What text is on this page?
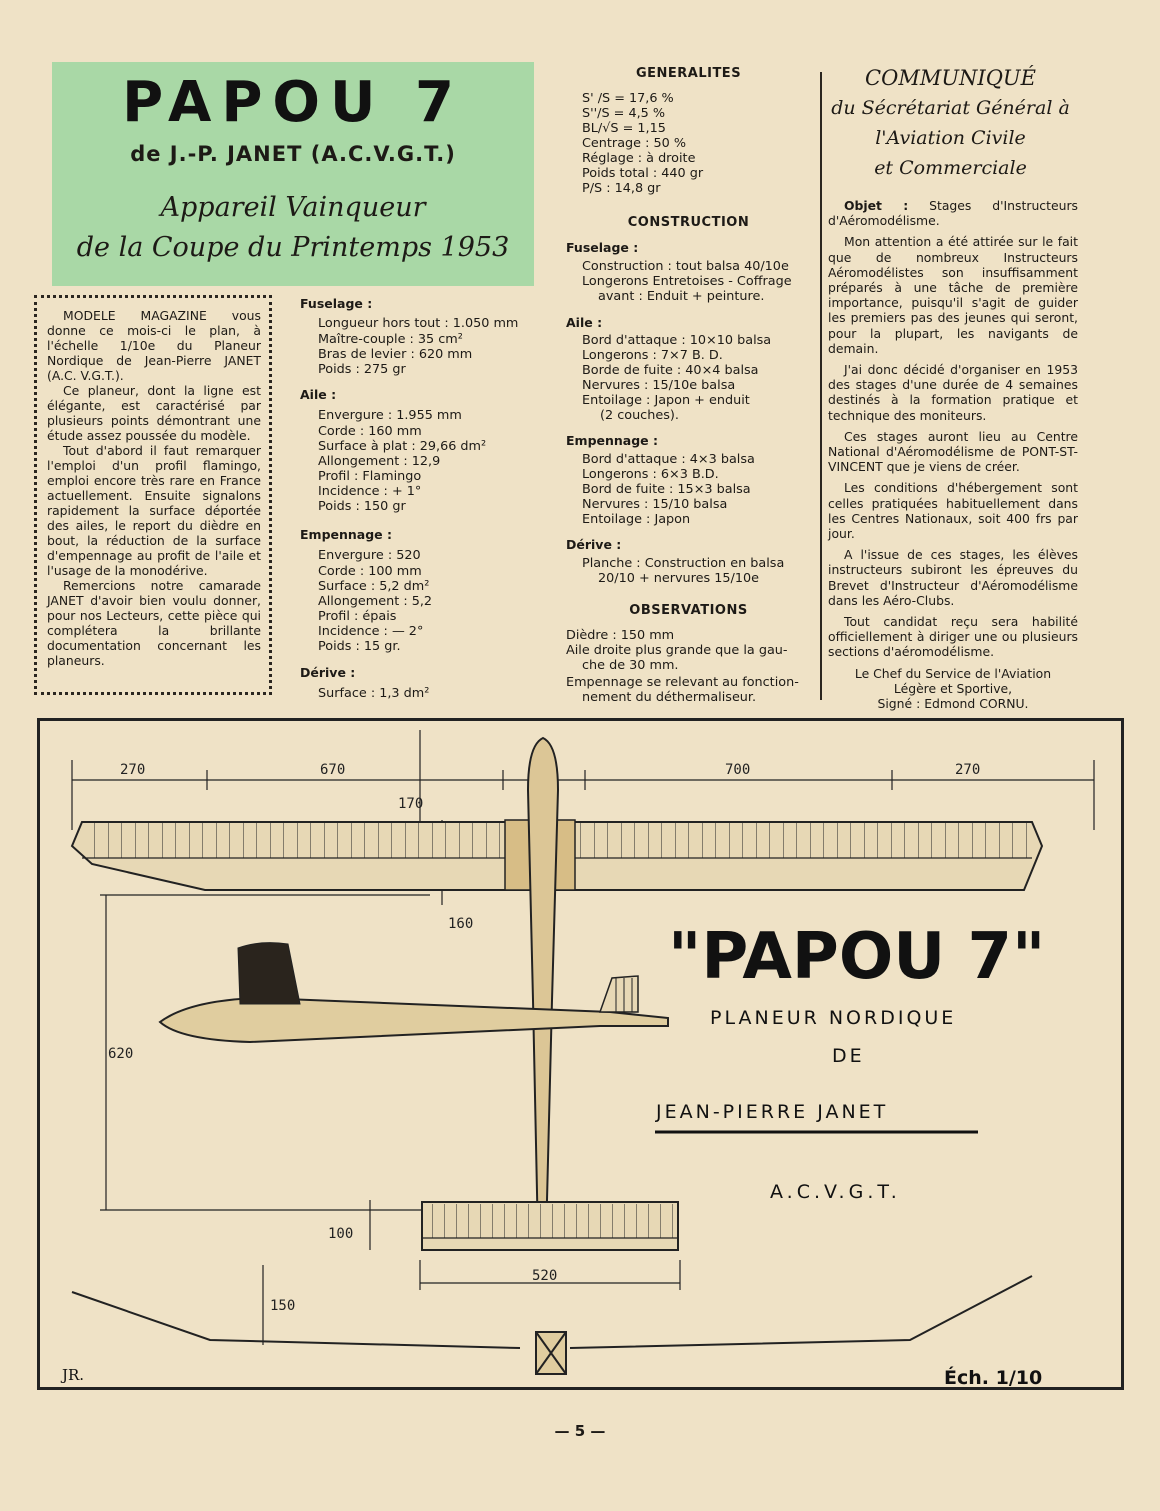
PAPOU 7
de J.-P. JANET (A.C.V.G.T.)
Appareil Vainqueur
de la Coupe du Printemps 1953

MODELE MAGAZINE vous donne ce mois-ci le plan, à l'échelle 1/10e du Planeur Nordique de Jean-Pierre JANET (A.C. V.G.T.).

Ce planeur, dont la ligne est élégante, est caractérisé par plusieurs points démontrant une étude assez poussée du modèle.

Tout d'abord il faut remarquer l'emploi d'un profil flamingo, emploi encore très rare en France actuellement. Ensuite signalons rapidement la surface déportée des ailes, le report du dièdre en bout, la réduction de la surface d'empennage au profit de l'aile et l'usage de la monodérive.

Remercions notre camarade JANET d'avoir bien voulu donner, pour nos Lecteurs, cette pièce qui complétera la brillante documentation concernant les planeurs.

Fuselage :
Longueur hors tout : 1.050 mm
Maître-couple : 35 cm²
Bras de levier : 620 mm
Poids : 275 gr
Aile :
Envergure : 1.955 mm
Corde : 160 mm
Surface à plat : 29,66 dm²
Allongement : 12,9
Profil : Flamingo
Incidence : + 1°
Poids : 150 gr
Empennage :
Envergure : 520
Corde : 100 mm
Surface : 5,2 dm²
Allongement : 5,2
Profil : épais
Incidence : — 2°
Poids : 15 gr.
Dérive :
Surface : 1,3 dm²
GENERALITES
S' /S = 17,6 %
S''/S = 4,5 %
BL/√S = 1,15
Centrage : 50 %
Réglage : à droite
Poids total : 440 gr
P/S : 14,8 gr
CONSTRUCTION
Fuselage :
Construction : tout balsa 40/10e
Longerons Entretoises - Coffrage
avant : Enduit + peinture.
Aile :
Bord d'attaque : 10×10 balsa
Longerons : 7×7 B. D.
Borde de fuite : 40×4 balsa
Nervures : 15/10e balsa
Entoilage : Japon + enduit
(2 couches).
Empennage :
Bord d'attaque : 4×3 balsa
Longerons : 6×3 B.D.
Bord de fuite : 15×3 balsa
Nervures : 15/10 balsa
Entoilage : Japon
Dérive :
Planche : Construction en balsa
20/10 + nervures 15/10e
OBSERVATIONS
Dièdre : 150 mm
Aile droite plus grande que la gau-
che de 30 mm.
Empennage se relevant au fonction-
nement du déthermaliseur.
COMMUNIQUÉ
du Sécrétariat Général à
l'Aviation Civile
et Commerciale

Objet : Stages d'Instructeurs d'Aéromodélisme.

Mon attention a été attirée sur le fait que de nombreux Instructeurs Aéromodélistes son insuffisamment préparés à une tâche de première importance, puisqu'il s'agit de guider les premiers pas des jeunes qui seront, pour la plupart, les navigants de demain.

J'ai donc décidé d'organiser en 1953 des stages d'une durée de 4 semaines destinés à la formation pratique et technique des moniteurs.

Ces stages auront lieu au Centre National d'Aéromodélisme de PONT-ST-VINCENT que je viens de créer.

Les conditions d'hébergement sont celles pratiquées habituellement dans les Centres Nationaux, soit 400 frs par jour.

A l'issue de ces stages, les élèves instructeurs subiront les épreuves du Brevet d'Instructeur d'Aéromodélisme dans les Aéro-Clubs.

Tout candidat reçu sera habilité officiellement à diriger une ou plusieurs sections d'aéromodélisme.

Le Chef du Service de l'Aviation
Légère et Sportive,
Signé : Edmond CORNU.
270	670	700	270
170
160
620
100
520
150
"PAPOU 7"
PLANEUR NORDIQUE
DE
JEAN-PIERRE JANET
A.C.V.G.T.
Éch. 1/10
JR.
— 5 —
